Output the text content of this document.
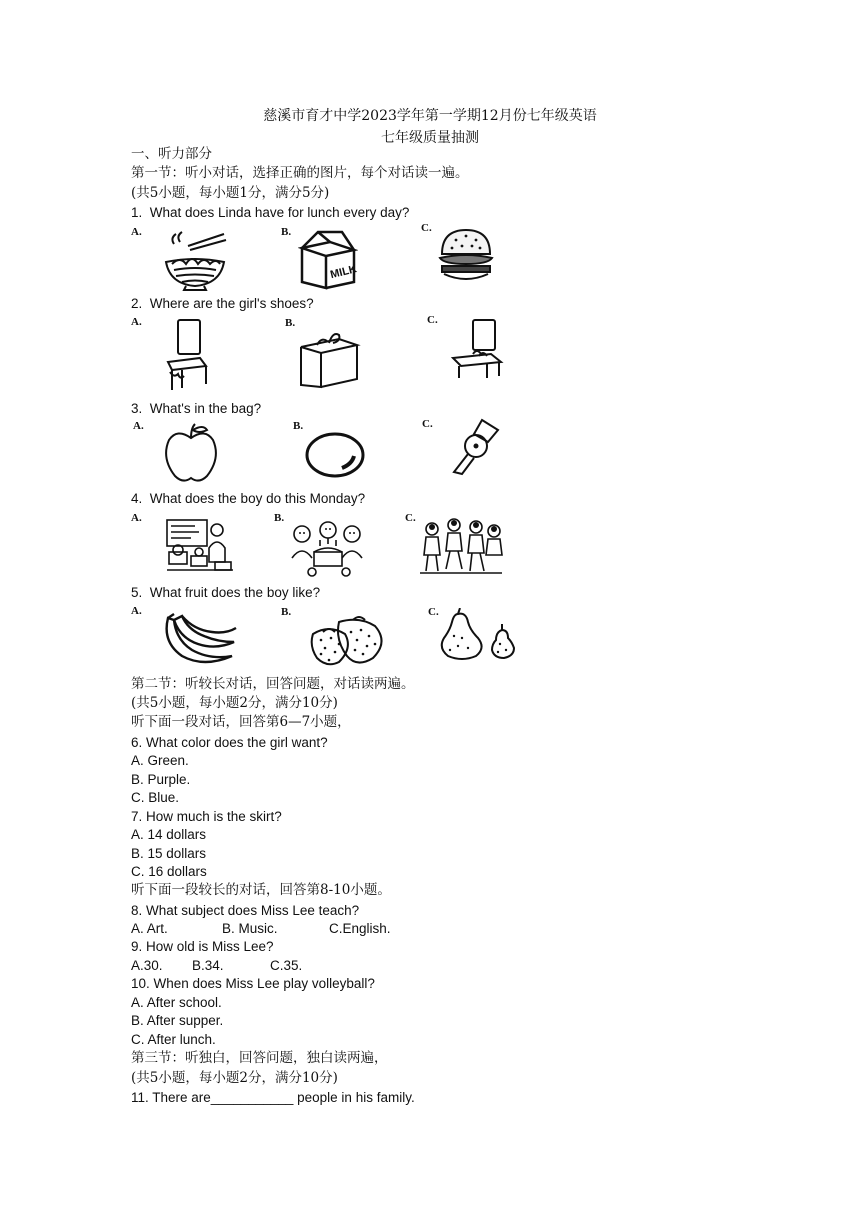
慈溪市育才中学2023学年第一学期12月份七年级英语
七年级质量抽测
一、听力部分
第一节：听小对话，选择正确的图片，每个对话读一遍。
(共5小题，每小题1分，满分5分)
1.  What does Linda have for lunch every day?
A.	B.	C.
MILK
2.  Where are the girl's shoes?
A.	B.	C.
3.  What's in the bag?
A.	B.	C.
4.  What does the boy do this Monday?
A.	B.	C.
5.  What fruit does the boy like?
A.	B.	C.
第二节：听较长对话，回答问题，对话读两遍。
(共5小题，每小题2分，满分10分)
听下面一段对话，回答第6—7小题，
6. What color does the girl want?
A. Green.
B. Purple.
C. Blue.
7. How much is the skirt?
A. 14 dollars
B. 15 dollars
C. 16 dollars
听下面一段较长的对话，回答第8-10小题。
8. What subject does Miss Lee teach?
A. Art.	B. Music.	C.English.
9. How old is Miss Lee?
A.30. B.34.	C.35.
10. When does Miss Lee play volleyball?
A. After school.
B. After supper.
C. After lunch.
第三节：听独白，回答问题，独白读两遍，
(共5小题，每小题2分，满分10分)
11. There are___________ people in his family.
